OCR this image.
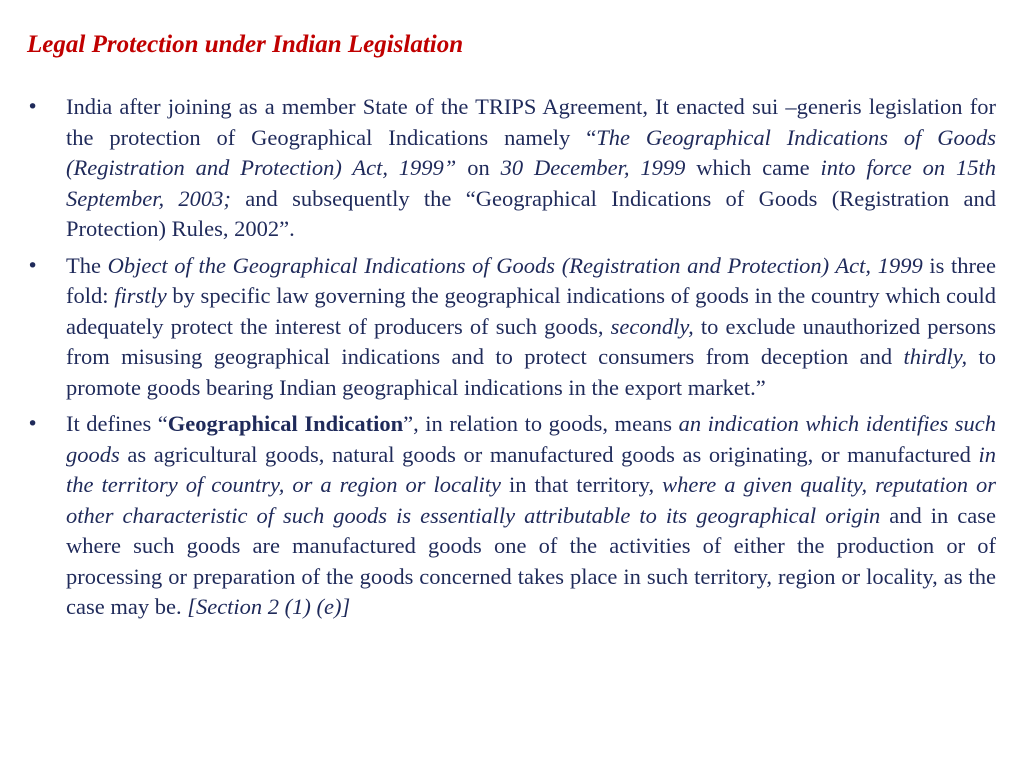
Legal Protection under Indian Legislation
• India after joining as a member State of the TRIPS Agreement, It enacted sui –generis legislation for the protection of Geographical Indications namely “The Geographical Indications of Goods (Registration and Protection) Act, 1999” on 30 December, 1999 which came into force on 15th September, 2003; and subsequently the “Geographical Indications of Goods (Registration and Protection) Rules, 2002”.

• The Object of the Geographical Indications of Goods (Registration and Protection) Act, 1999 is three fold: firstly by specific law governing the geographical indications of goods in the country which could adequately protect the interest of producers of such goods, secondly, to exclude unauthorized persons from misusing geographical indications and to protect consumers from deception and thirdly, to promote goods bearing Indian geographical indications in the export market.”

• It defines “Geographical Indication”, in relation to goods, means an indication which identifies such goods as agricultural goods, natural goods or manufactured goods as originating, or manufactured in the territory of country, or a region or locality in that territory, where a given quality, reputation or other characteristic of such goods is essentially attributable to its geographical origin and in case where such goods are manufactured goods one of the activities of either the production or of processing or preparation of the goods concerned takes place in such territory, region or locality, as the case may be. [Section 2 (1) (e)]
